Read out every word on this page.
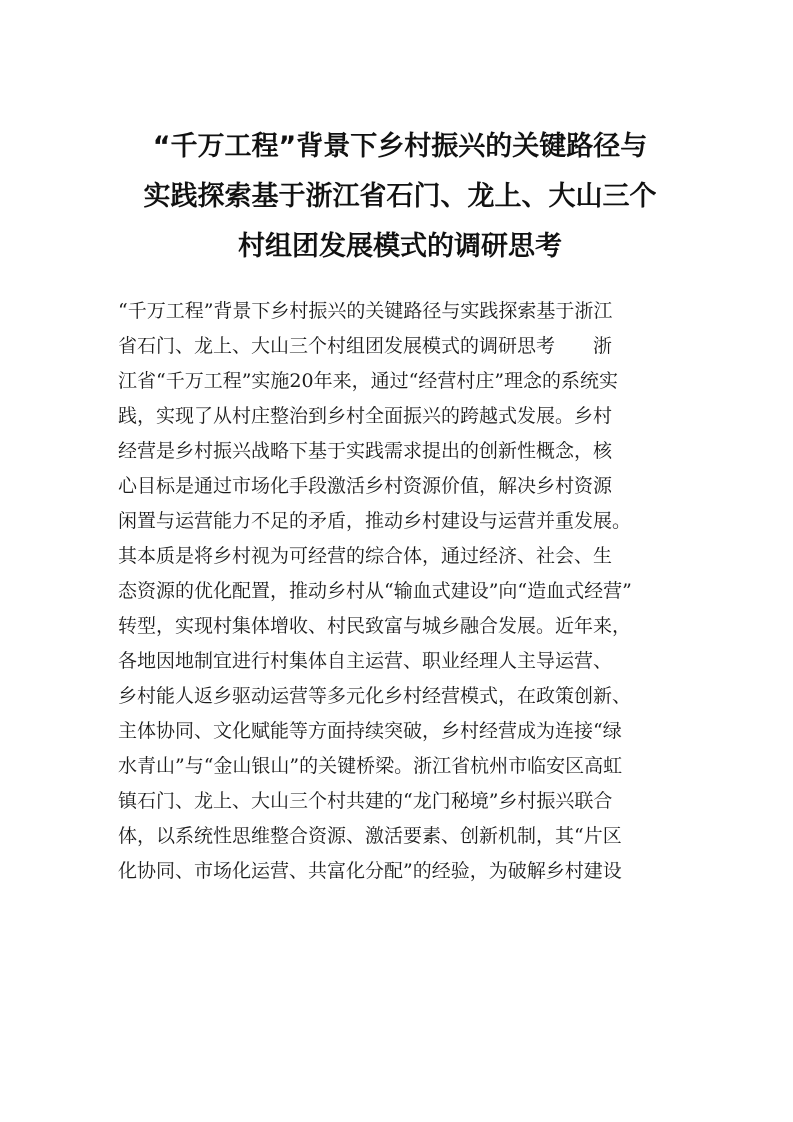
“千万工程”背景下乡村振兴的关键路径与
实践探索基于浙江省石门、龙上、大山三个
村组团发展模式的调研思考
“千万工程”背景下乡村振兴的关键路径与实践探索基于浙江
省石门、龙上、大山三个村组团发展模式的调研思考　　浙
江省“千万工程”实施20年来，通过“经营村庄”理念的系统实
践，实现了从村庄整治到乡村全面振兴的跨越式发展。乡村
经营是乡村振兴战略下基于实践需求提出的创新性概念，核
心目标是通过市场化手段激活乡村资源价值，解决乡村资源
闲置与运营能力不足的矛盾，推动乡村建设与运营并重发展。
其本质是将乡村视为可经营的综合体，通过经济、社会、生
态资源的优化配置，推动乡村从“输血式建设”向“造血式经营”
转型，实现村集体增收、村民致富与城乡融合发展。近年来，
各地因地制宜进行村集体自主运营、职业经理人主导运营、
乡村能人返乡驱动运营等多元化乡村经营模式，在政策创新、
主体协同、文化赋能等方面持续突破，乡村经营成为连接“绿
水青山”与“金山银山”的关键桥梁。浙江省杭州市临安区高虹
镇石门、龙上、大山三个村共建的“龙门秘境”乡村振兴联合
体，以系统性思维整合资源、激活要素、创新机制，其“片区
化协同、市场化运营、共富化分配”的经验，为破解乡村建设
